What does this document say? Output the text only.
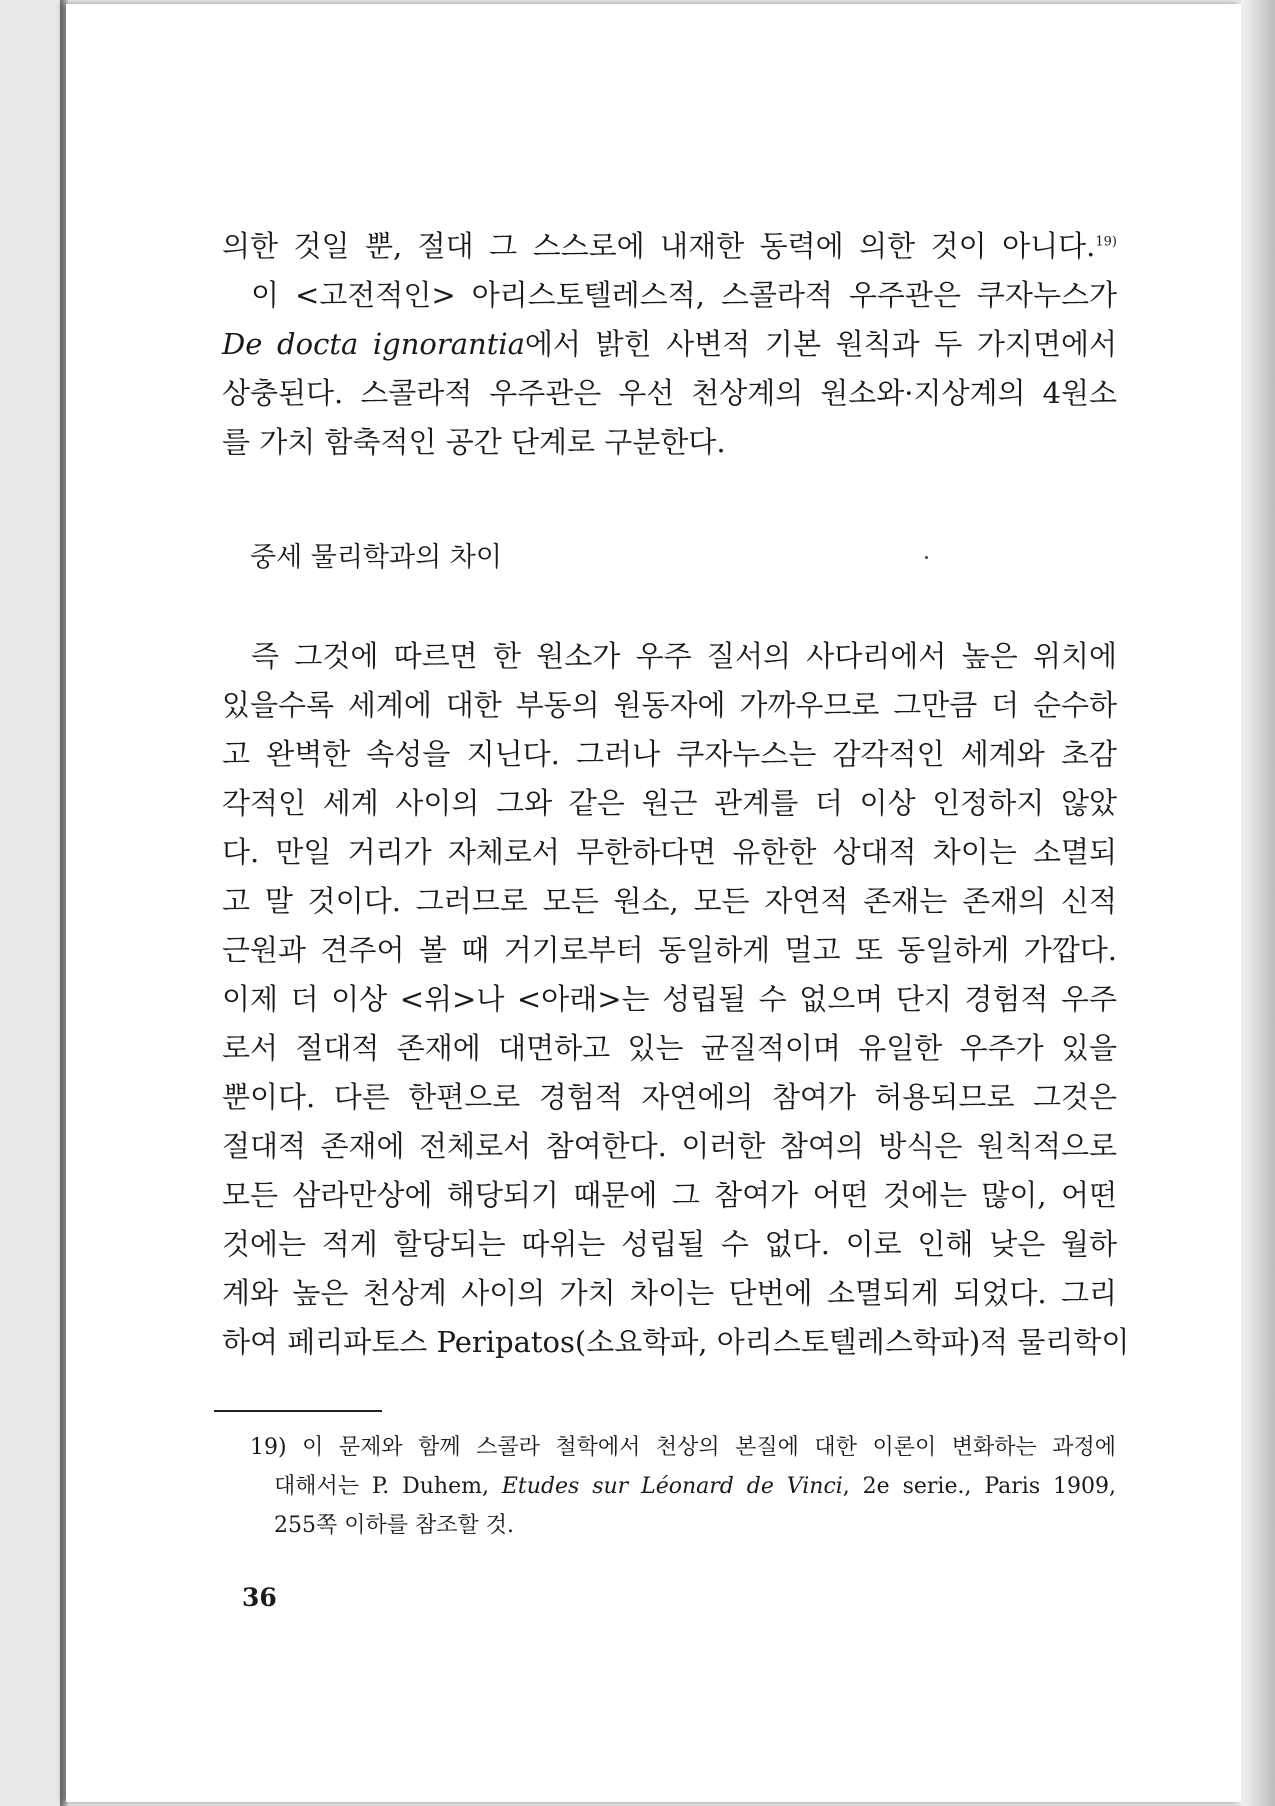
의한 것일 뿐, 절대 그 스스로에 내재한 동력에 의한 것이 아니다.$^{19)}$
이 <고전적인> 아리스토텔레스적, 스콜라적 우주관은 쿠자누스가
De docta ignorantia에서 밝힌 사변적 기본 원칙과 두 가지면에서
상충된다. 스콜라적 우주관은 우선 천상계의 원소와·지상계의 4원소
를 가치 함축적인 공간 단계로 구분한다.
중세 물리학과의 차이
즉 그것에 따르면 한 원소가 우주 질서의 사다리에서 높은 위치에
있을수록 세계에 대한 부동의 원동자에 가까우므로 그만큼 더 순수하
고 완벽한 속성을 지닌다. 그러나 쿠자누스는 감각적인 세계와 초감
각적인 세계 사이의 그와 같은 원근 관계를 더 이상 인정하지 않았
다. 만일 거리가 자체로서 무한하다면 유한한 상대적 차이는 소멸되
고 말 것이다. 그러므로 모든 원소, 모든 자연적 존재는 존재의 신적
근원과 견주어 볼 때 거기로부터 동일하게 멀고 또 동일하게 가깝다.
이제 더 이상 <위>나 <아래>는 성립될 수 없으며 단지 경험적 우주
로서 절대적 존재에 대면하고 있는 균질적이며 유일한 우주가 있을
뿐이다. 다른 한편으로 경험적 자연에의 참여가 허용되므로 그것은
절대적 존재에 전체로서 참여한다. 이러한 참여의 방식은 원칙적으로
모든 삼라만상에 해당되기 때문에 그 참여가 어떤 것에는 많이, 어떤
것에는 적게 할당되는 따위는 성립될 수 없다. 이로 인해 낮은 월하
계와 높은 천상계 사이의 가치 차이는 단번에 소멸되게 되었다. 그리
하여 페리파토스 Peripatos(소요학파, 아리스토텔레스학파)적 물리학이
19) 이 문제와 함께 스콜라 철학에서 천상의 본질에 대한 이론이 변화하는 과정에
대해서는 P. Duhem, Etudes sur Léonard de Vinci, 2e serie., Paris 1909,
255쪽 이하를 참조할 것.
36
